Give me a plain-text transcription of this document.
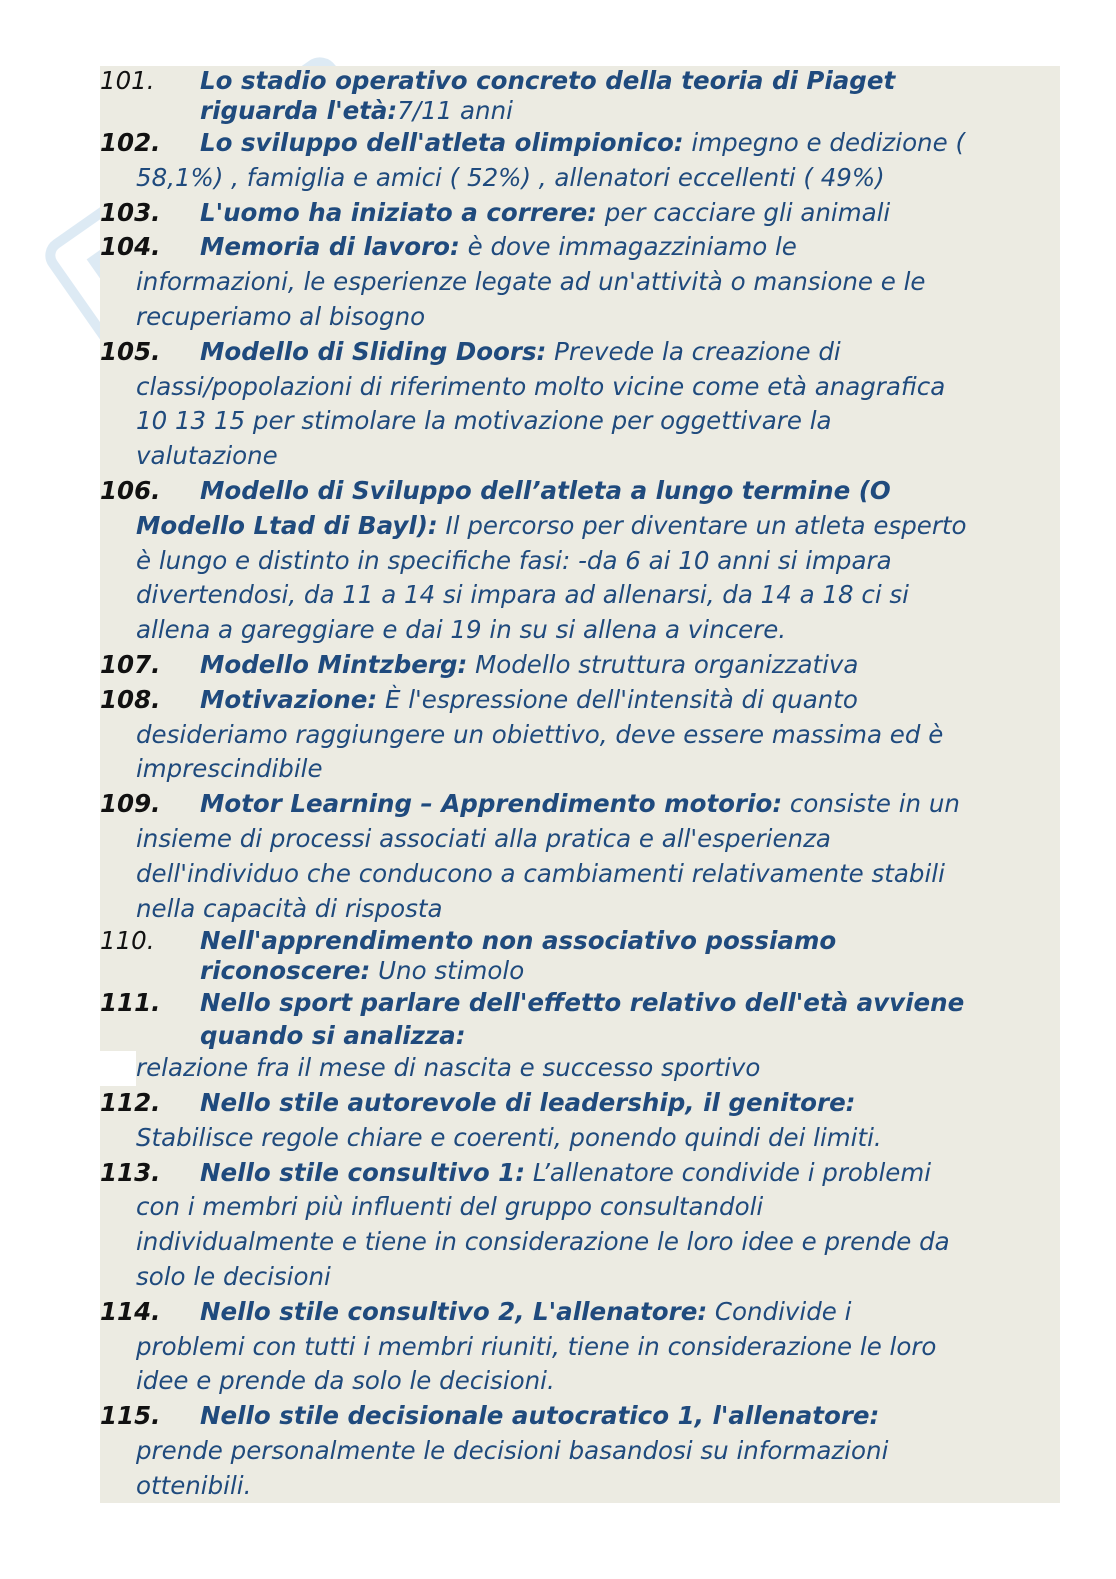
101. Lo stadio operativo concreto della teoria di Piaget
riguarda l'età:7/11 anni
102. Lo sviluppo dell'atleta olimpionico: impegno e dedizione (
58,1%) , famiglia e amici ( 52%) , allenatori eccellenti ( 49%)
103. L'uomo ha iniziato a correre: per cacciare gli animali
104. Memoria di lavoro: è dove immagazziniamo le
informazioni, le esperienze legate ad un'attività o mansione e le
recuperiamo al bisogno
105. Modello di Sliding Doors: Prevede la creazione di
classi/popolazioni di riferimento molto vicine come età anagrafica
10 13 15 per stimolare la motivazione per oggettivare la
valutazione
106. Modello di Sviluppo dell’atleta a lungo termine (O
Modello Ltad di Bayl): Il percorso per diventare un atleta esperto
è lungo e distinto in specifiche fasi: -da 6 ai 10 anni si impara
divertendosi, da 11 a 14 si impara ad allenarsi, da 14 a 18 ci si
allena a gareggiare e dai 19 in su si allena a vincere.
107. Modello Mintzberg: Modello struttura organizzativa
108. Motivazione: È l'espressione dell'intensità di quanto
desideriamo raggiungere un obiettivo, deve essere massima ed è
imprescindibile
109. Motor Learning – Apprendimento motorio: consiste in un
insieme di processi associati alla pratica e all'esperienza
dell'individuo che conducono a cambiamenti relativamente stabili
nella capacità di risposta
110. Nell'apprendimento non associativo possiamo
riconoscere: Uno stimolo
111. Nello sport parlare dell'effetto relativo dell'età avviene
quando si analizza:
relazione fra il mese di nascita e successo sportivo
112. Nello stile autorevole di leadership, il genitore:
Stabilisce regole chiare e coerenti, ponendo quindi dei limiti.
113. Nello stile consultivo 1: L’allenatore condivide i problemi
con i membri più influenti del gruppo consultandoli
individualmente e tiene in considerazione le loro idee e prende da
solo le decisioni
114. Nello stile consultivo 2, L'allenatore: Condivide i
problemi con tutti i membri riuniti, tiene in considerazione le loro
idee e prende da solo le decisioni.
115. Nello stile decisionale autocratico 1, l'allenatore:
prende personalmente le decisioni basandosi su informazioni
ottenibili.
